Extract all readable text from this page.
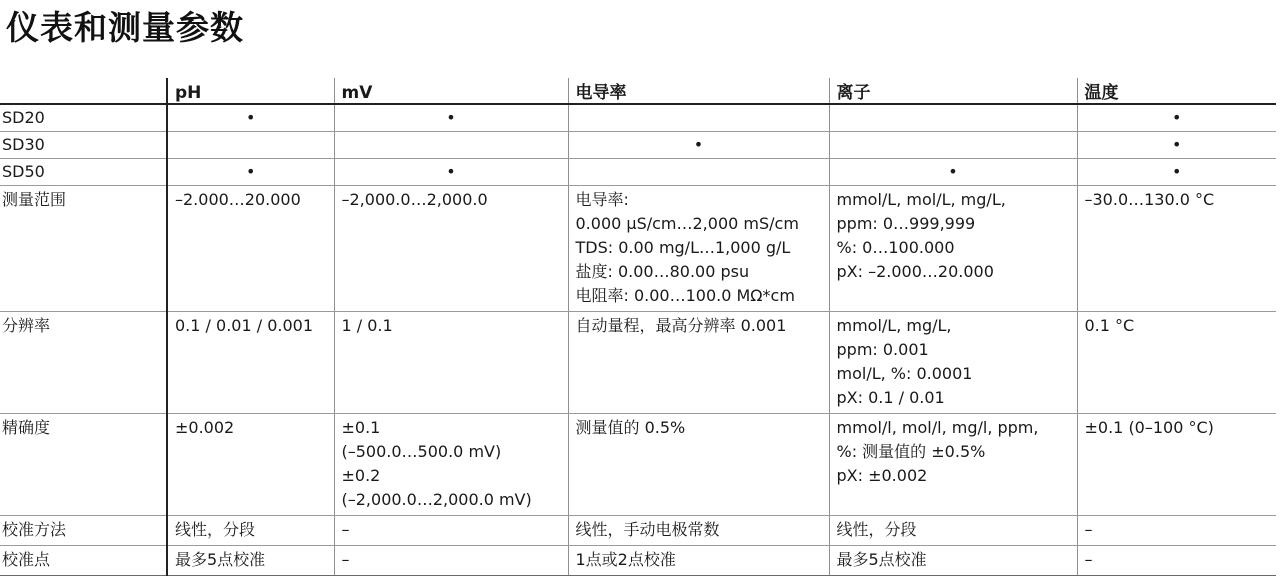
仪表和测量参数
	pH	mV	电导率	离子	温度
SD20	•	•			•
SD30			•		•
SD50	•	•		•	•
测量范围	–2.000…20.000	–2,000.0…2,000.0	电导率:
0.000 µS/cm…2,000 mS/cm
TDS: 0.00 mg/L…1,000 g/L
盐度: 0.00…80.00 psu
电阻率: 0.00…100.0 MΩ*cm	mmol/L, mol/L, mg/L,
ppm: 0…999,999
%: 0…100.000
pX: –2.000…20.000	–30.0…130.0 °C

分辨率	0.1 / 0.01 / 0.001	1 / 0.1	自动量程，最高分辨率 0.001	mmol/L, mg/L,
ppm: 0.001
mol/L, %: 0.0001
pX: 0.1 / 0.01	0.1 °C

精确度	±0.002	±0.1
(–500.0…500.0 mV)
±0.2
(–2,000.0…2,000.0 mV)	测量值的 0.5%	mmol/l, mol/l, mg/l, ppm,
%: 测量值的 ±0.5%
pX: ±0.002	±0.1 (0–100 °C)

校准方法	线性，分段	–	线性，手动电极常数	线性，分段	–

校准点	最多5点校准	–	1点或2点校准	最多5点校准	–
